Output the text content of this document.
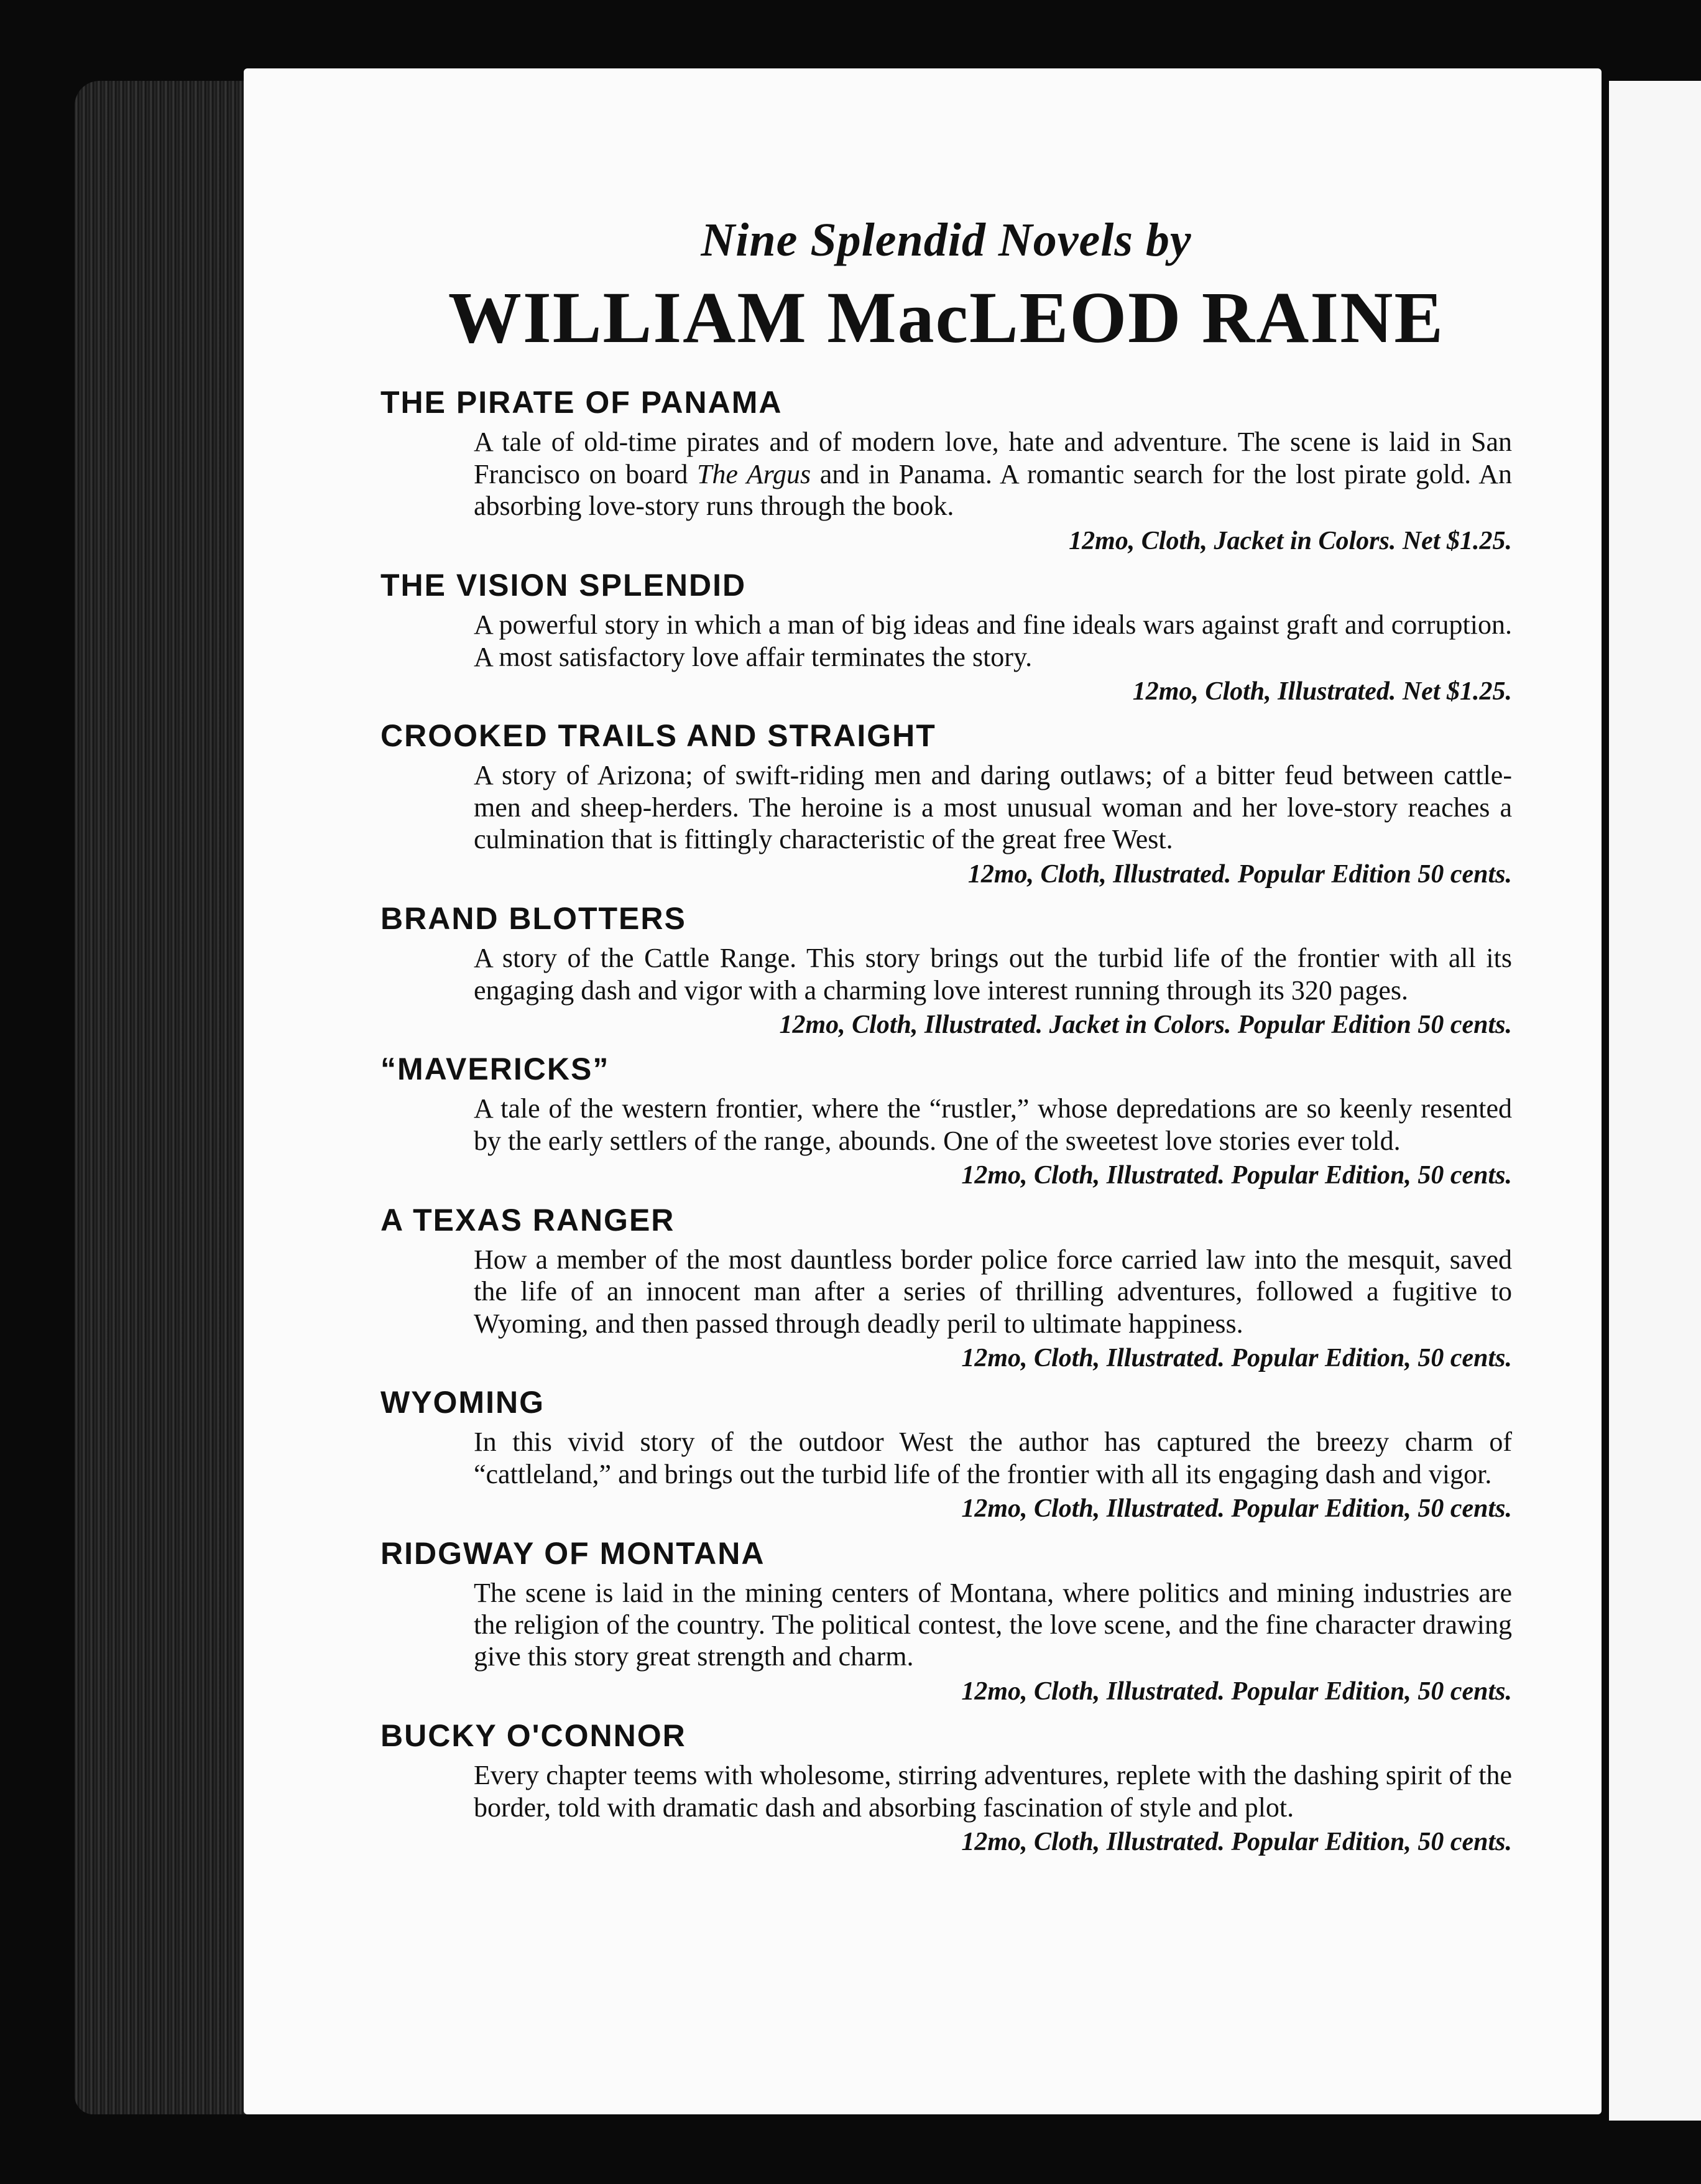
Nine Splendid Novels by
WILLIAM MacLEOD RAINE
THE PIRATE OF PANAMA
A tale of old-time pirates and of modern love, hate and adventure. The scene is laid in San Francisco on board The Argus and in Panama. A romantic search for the lost pirate gold. An absorbing love-story runs through the book.
12mo, Cloth, Jacket in Colors. Net $1.25.
THE VISION SPLENDID
A powerful story in which a man of big ideas and fine ideals wars against graft and corruption. A most satisfactory love affair terminates the story.
12mo, Cloth, Illustrated. Net $1.25.
CROOKED TRAILS AND STRAIGHT
A story of Arizona; of swift-riding men and daring outlaws; of a bitter feud between cattle-men and sheep-herders. The heroine is a most unusual woman and her love-story reaches a culmination that is fittingly characteristic of the great free West.
12mo, Cloth, Illustrated. Popular Edition 50 cents.
BRAND BLOTTERS
A story of the Cattle Range. This story brings out the turbid life of the frontier with all its engaging dash and vigor with a charming love interest running through its 320 pages.
12mo, Cloth, Illustrated. Jacket in Colors. Popular Edition 50 cents.
“MAVERICKS”
A tale of the western frontier, where the “rustler,” whose depredations are so keenly resented by the early settlers of the range, abounds. One of the sweetest love stories ever told.
12mo, Cloth, Illustrated. Popular Edition, 50 cents.
A TEXAS RANGER
How a member of the most dauntless border police force carried law into the mesquit, saved the life of an innocent man after a series of thrilling adventures, followed a fugitive to Wyoming, and then passed through deadly peril to ultimate happiness.
12mo, Cloth, Illustrated. Popular Edition, 50 cents.
WYOMING
In this vivid story of the outdoor West the author has captured the breezy charm of “cattleland,” and brings out the turbid life of the frontier with all its engaging dash and vigor.
12mo, Cloth, Illustrated. Popular Edition, 50 cents.
RIDGWAY OF MONTANA
The scene is laid in the mining centers of Montana, where politics and mining industries are the religion of the country. The political contest, the love scene, and the fine character drawing give this story great strength and charm.
12mo, Cloth, Illustrated. Popular Edition, 50 cents.
BUCKY O'CONNOR
Every chapter teems with wholesome, stirring adventures, replete with the dashing spirit of the border, told with dramatic dash and absorbing fascination of style and plot.
12mo, Cloth, Illustrated. Popular Edition, 50 cents.
